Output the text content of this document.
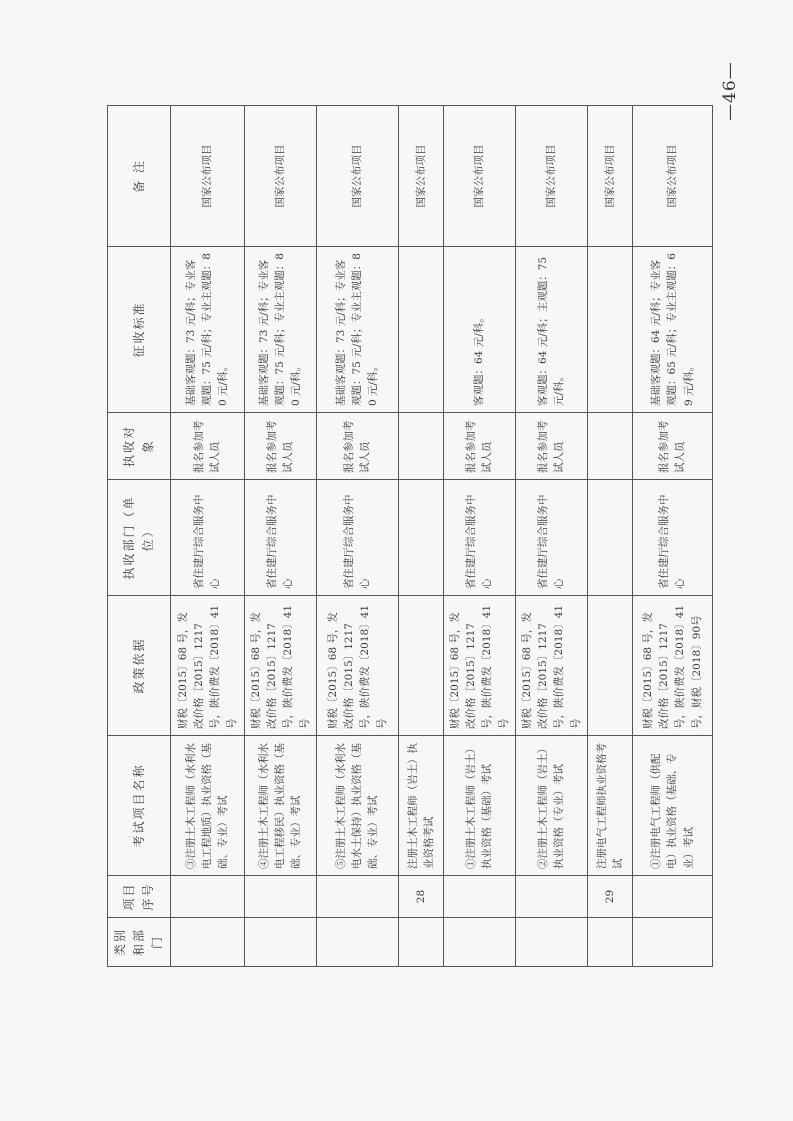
类别和部门	项目序号	考试项目名称	政策依据	执收部门（单位）	执收对象	征收标准	备 注
		③注册土木工程师（水利水电工程地质）执业资格（基础、专业）考试	财税〔2015〕68 号，发改价格〔2015〕1217 号，陕价费发〔2018〕41号	省住建厅综合服务中心	报名参加考试人员	基础客观题：73 元/科；专业客观题：75 元/科；专业主观题：80 元/科。	国家公布项目
		④注册土木工程师（水利水电工程移民）执业资格（基础、专业）考试	财税〔2015〕68 号，发改价格〔2015〕1217 号，陕价费发〔2018〕41号	省住建厅综合服务中心	报名参加考试人员	基础客观题：73 元/科；专业客观题：75 元/科；专业主观题：80 元/科。	国家公布项目
		⑤注册土木工程师（水利水电水土保持）执业资格（基础、专业）考试	财税〔2015〕68 号，发改价格〔2015〕1217 号，陕价费发〔2018〕41号	省住建厅综合服务中心	报名参加考试人员	基础客观题：73 元/科；专业客观题：75 元/科；专业主观题：80 元/科。	国家公布项目
	28	注册土木工程师（岩土）执业资格考试					国家公布项目
		①注册土木工程师（岩土）执业资格（基础）考试	财税〔2015〕68 号，发改价格〔2015〕1217 号，陕价费发〔2018〕41号	省住建厅综合服务中心	报名参加考试人员	客观题：64 元/科。	国家公布项目
		②注册土木工程师（岩土）执业资格（专业）考试	财税〔2015〕68 号，发改价格〔2015〕1217 号，陕价费发〔2018〕41号	省住建厅综合服务中心	报名参加考试人员	客观题：64 元/科；主观题：75 元/科。	国家公布项目
	29	注册电气工程师执业资格考试					国家公布项目
		①注册电气工程师（供配电）执业资格（基础、专业）考试	财税〔2015〕68 号，发改价格〔2015〕1217 号，陕价费发〔2018〕41号，财税〔2018〕90号	省住建厅综合服务中心	报名参加考试人员	基础客观题：64 元/科；专业客观题：65 元/科；专业主观题：69 元/科。	国家公布项目
—46—
